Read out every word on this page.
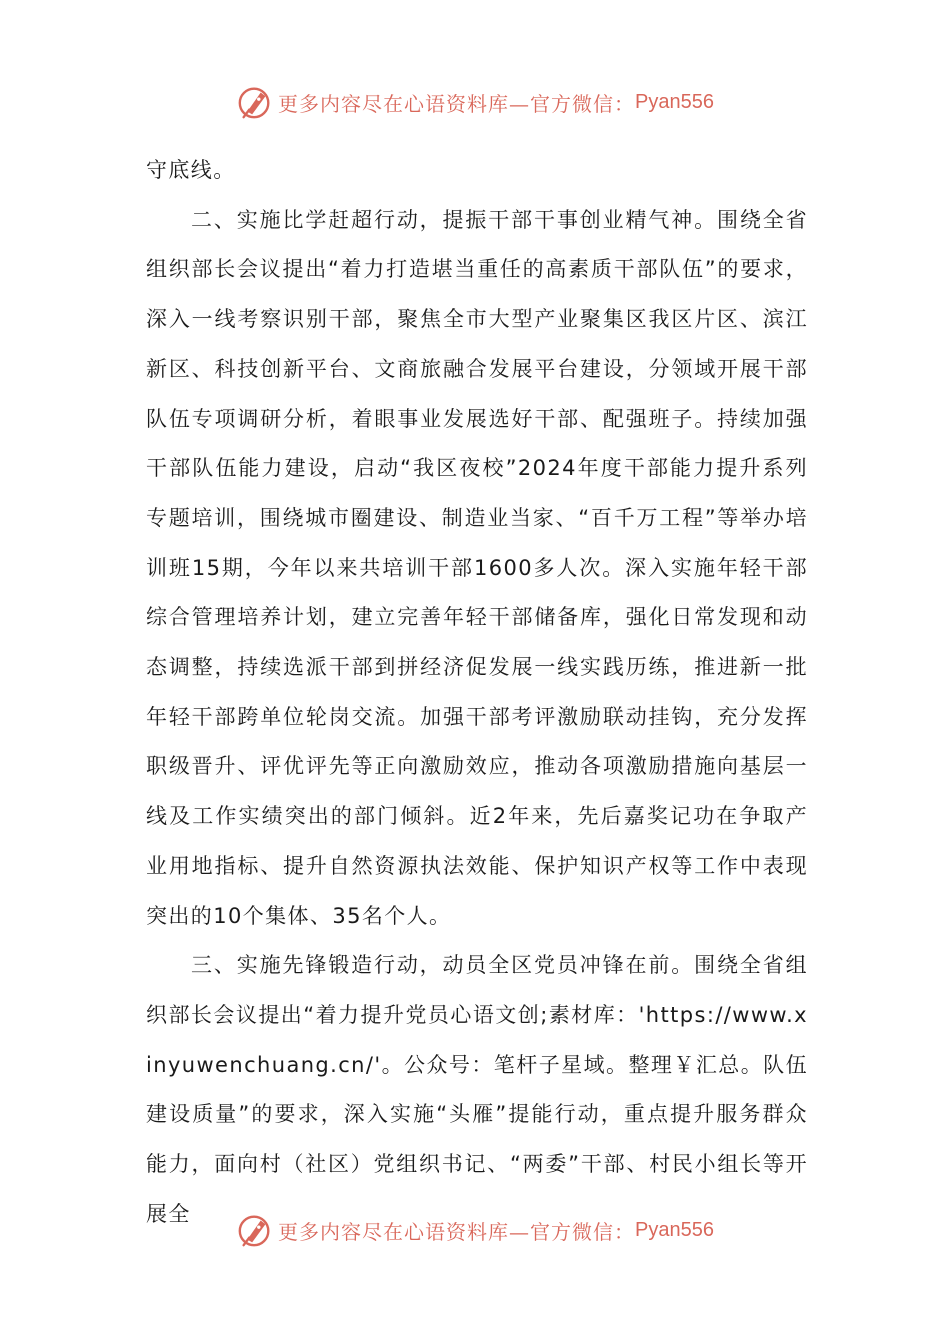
更多内容尽在心语资料库—官方微信： Pyan556

守底线。

二、实施比学赶超行动，提振干部干事创业精气神。围绕全省组织部长会议提出“着力打造堪当重任的高素质干部队伍”的要求，深入一线考察识别干部，聚焦全市大型产业聚集区我区片区、滨江新区、科技创新平台、文商旅融合发展平台建设，分领域开展干部队伍专项调研分析，着眼事业发展选好干部、配强班子。持续加强干部队伍能力建设，启动“我区夜校”2024年度干部能力提升系列专题培训，围绕城市圈建设、制造业当家、“百千万工程”等举办培训班15期，今年以来共培训干部1600多人次。深入实施年轻干部综合管理培养计划，建立完善年轻干部储备库，强化日常发现和动态调整，持续选派干部到拼经济促发展一线实践历练，推进新一批年轻干部跨单位轮岗交流。加强干部考评激励联动挂钩，充分发挥职级晋升、评优评先等正向激励效应，推动各项激励措施向基层一线及工作实绩突出的部门倾斜。近2年来，先后嘉奖记功在争取产业用地指标、提升自然资源执法效能、保护知识产权等工作中表现突出的10个集体、35名个人。

三、实施先锋锻造行动，动员全区党员冲锋在前。围绕全省组织部长会议提出“着力提升党员心语文创;素材库：'https://www.xinyuwenchuang.cn/'。公众号：笔杆子星域。整理￥汇总。队伍建设质量”的要求，深入实施“头雁”提能行动，重点提升服务群众能力，面向村（社区）党组织书记、“两委”干部、村民小组长等开展全

更多内容尽在心语资料库—官方微信： Pyan556
